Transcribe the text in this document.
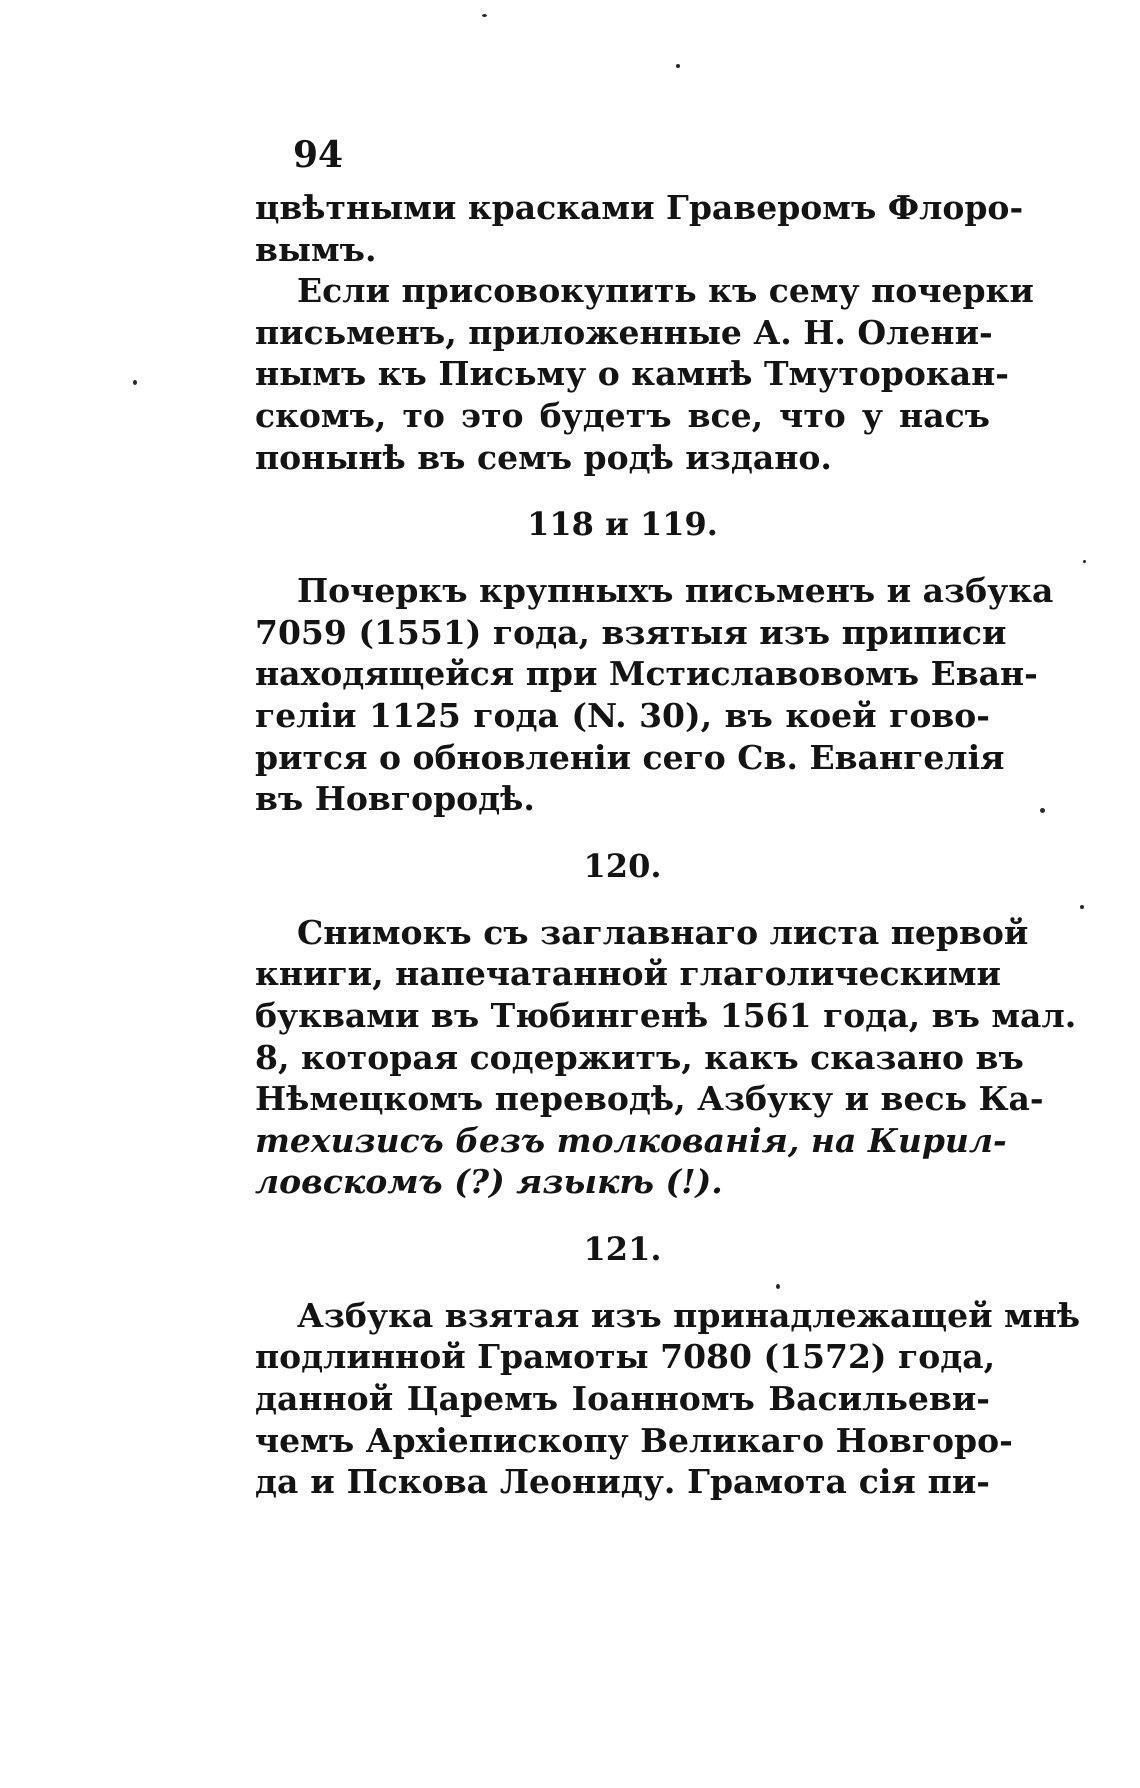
94

цвѣтными красками Граверомъ Флоро-
вымъ.

Если присовокупить къ сему почерки
письменъ, приложенные А. Н. Олени-
нымъ къ Письму о камнѣ Тмуторокан-
скомъ, то это будетъ все, что у насъ
понынѣ въ семъ родѣ издано.

118 и 119.

Почеркъ крупныхъ письменъ и азбука
7059 (1551) года, взятыя изъ приписи
находящейся при Мстиславовомъ Еван-
геліи 1125 года (N. 30), въ коей гово-
рится о обновленіи сего Св. Евангелія
въ Новгородѣ.

120.

Снимокъ съ заглавнаго листа первой
книги, напечатанной глаголическими
буквами въ Тюбингенѣ 1561 года, въ мал.
8, которая содержитъ, какъ сказано въ
Нѣмецкомъ переводѣ, Азбуку и весь Ка-
техизисъ безъ толкованія, на Кирил-
ловскомъ (?) языкѣ (!).

121.

Азбука взятая изъ принадлежащей мнѣ
подлинной Грамоты 7080 (1572) года,
данной Царемъ Іоанномъ Васильеви-
чемъ Архіепископу Великаго Новгоро-
да и Пскова Леониду. Грамота сія пи-
